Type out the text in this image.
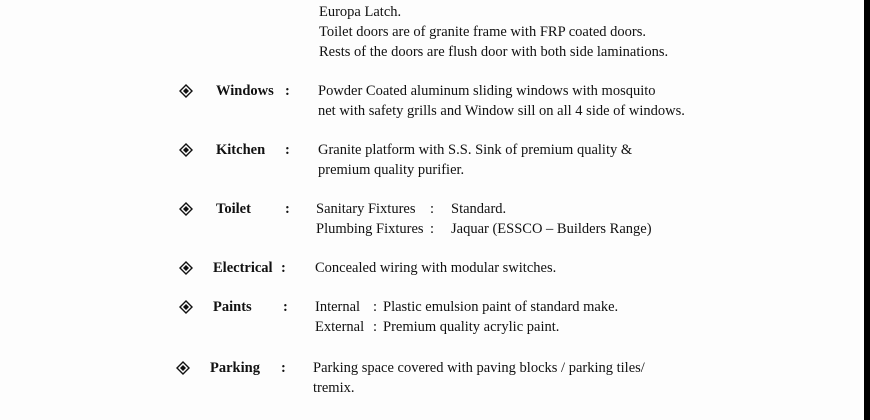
Europa Latch.
Toilet doors are of granite frame with FRP coated doors.
Rests of the doors are flush door with both side laminations.
Windows : Powder Coated aluminum sliding windows with mosquito
net with safety grills and Window sill on all 4 side of windows.
Kitchen : Granite platform with S.S. Sink of premium quality &
premium quality purifier.
Toilet : Sanitary Fixtures : Standard.
Plumbing Fixtures : Jaquar (ESSCO – Builders Range)
Electrical : Concealed wiring with modular switches.
Paints : Internal : Plastic emulsion paint of standard make.
External : Premium quality acrylic paint.
Parking : Parking space covered with paving blocks / parking tiles/
tremix.
